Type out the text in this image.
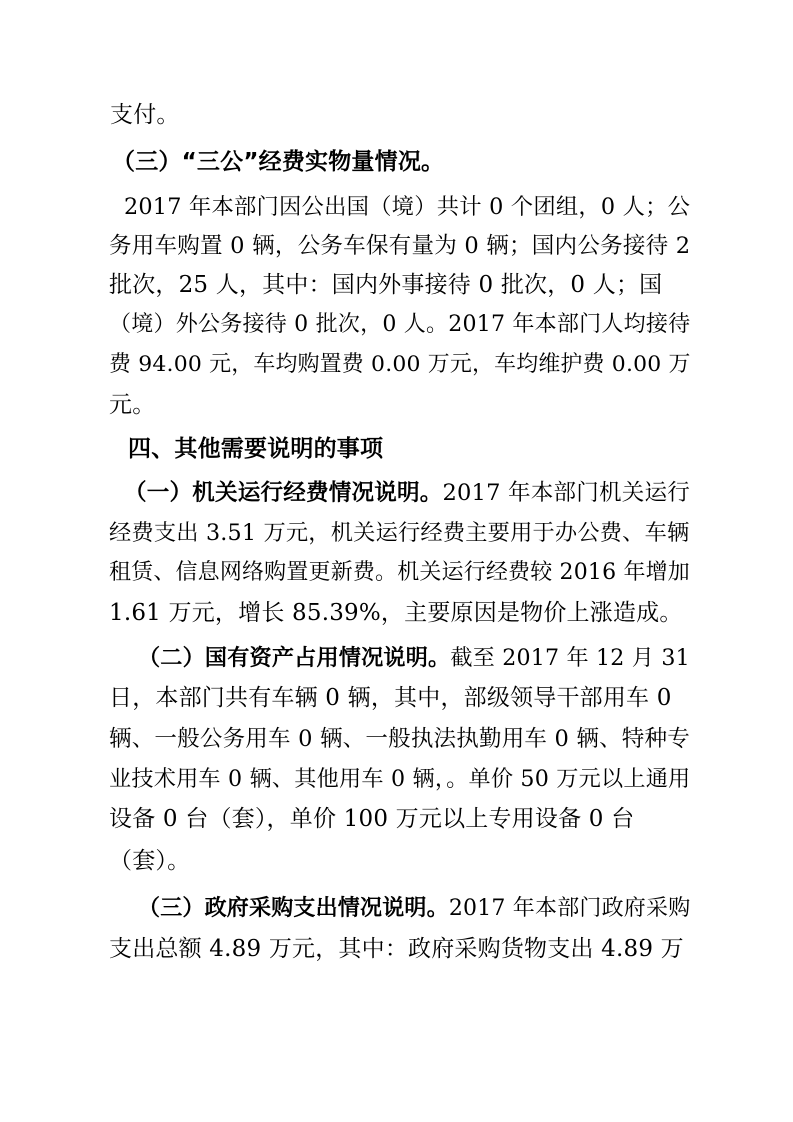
支付。
（三）“三公”经费实物量情况。
2017 年本部门因公出国（境）共计 0 个团组，0 人；公
务用车购置 0 辆，公务车保有量为 0 辆；国内公务接待 2
批次，25 人，其中：国内外事接待 0 批次，0 人；国
（境）外公务接待 0 批次，0 人。2017 年本部门人均接待
费 94.00 元，车均购置费 0.00 万元，车均维护费 0.00 万
元。
四、其他需要说明的事项
（一）机关运行经费情况说明。2017 年本部门机关运行
经费支出 3.51 万元，机关运行经费主要用于办公费、车辆
租赁、信息网络购置更新费。机关运行经费较 2016 年增加
1.61 万元，增长 85.39%，主要原因是物价上涨造成。
（二）国有资产占用情况说明。截至 2017 年 12 月 31
日，本部门共有车辆 0 辆，其中，部级领导干部用车 0
辆、一般公务用车 0 辆、一般执法执勤用车 0 辆、特种专
业技术用车 0 辆、其他用车 0 辆，。单价 50 万元以上通用
设备 0 台（套），单价 100 万元以上专用设备 0 台
（套）。
（三）政府采购支出情况说明。2017 年本部门政府采购
支出总额 4.89 万元，其中：政府采购货物支出 4.89 万
